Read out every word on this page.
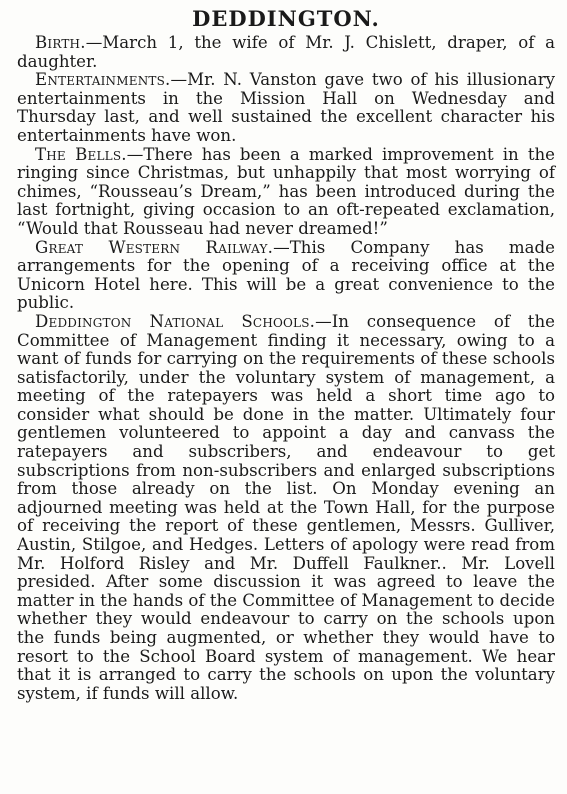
DEDDINGTON.

Birth.—March 1, the wife of Mr. J. Chislett, draper, of a daughter.

Entertainments.—Mr. N. Vanston gave two of his illusionary entertainments in the Mission Hall on Wednesday and Thursday last, and well sustained the excellent character his entertainments have won.

The Bells.—There has been a marked improvement in the ringing since Christmas, but unhappily that most worrying of chimes, “Rousseau’s Dream,” has been introduced during the last fortnight, giving occasion to an oft-repeated exclamation, “Would that Rousseau had never dreamed!”

Great Western Railway.—This Company has made arrangements for the opening of a receiving office at the Unicorn Hotel here. This will be a great convenience to the public.

Deddington National Schools.—In consequence of the Committee of Management finding it necessary, owing to a want of funds for carrying on the requirements of these schools satisfactorily, under the voluntary system of management, a meeting of the ratepayers was held a short time ago to consider what should be done in the matter. Ultimately four gentlemen volunteered to appoint a day and canvass the ratepayers and subscribers, and endeavour to get subscriptions from non-subscribers and enlarged subscriptions from those already on the list. On Monday evening an adjourned meeting was held at the Town Hall, for the purpose of receiving the report of these gentlemen, Messrs. Gulliver, Austin, Stilgoe, and Hedges. Letters of apology were read from Mr. Holford Risley and Mr. Duffell Faulkner.. Mr. Lovell presided. After some discussion it was agreed to leave the matter in the hands of the Committee of Management to decide whether they would endeavour to carry on the schools upon the funds being augmented, or whether they would have to resort to the School Board system of management. We hear that it is arranged to carry the schools on upon the voluntary system, if funds will allow.
